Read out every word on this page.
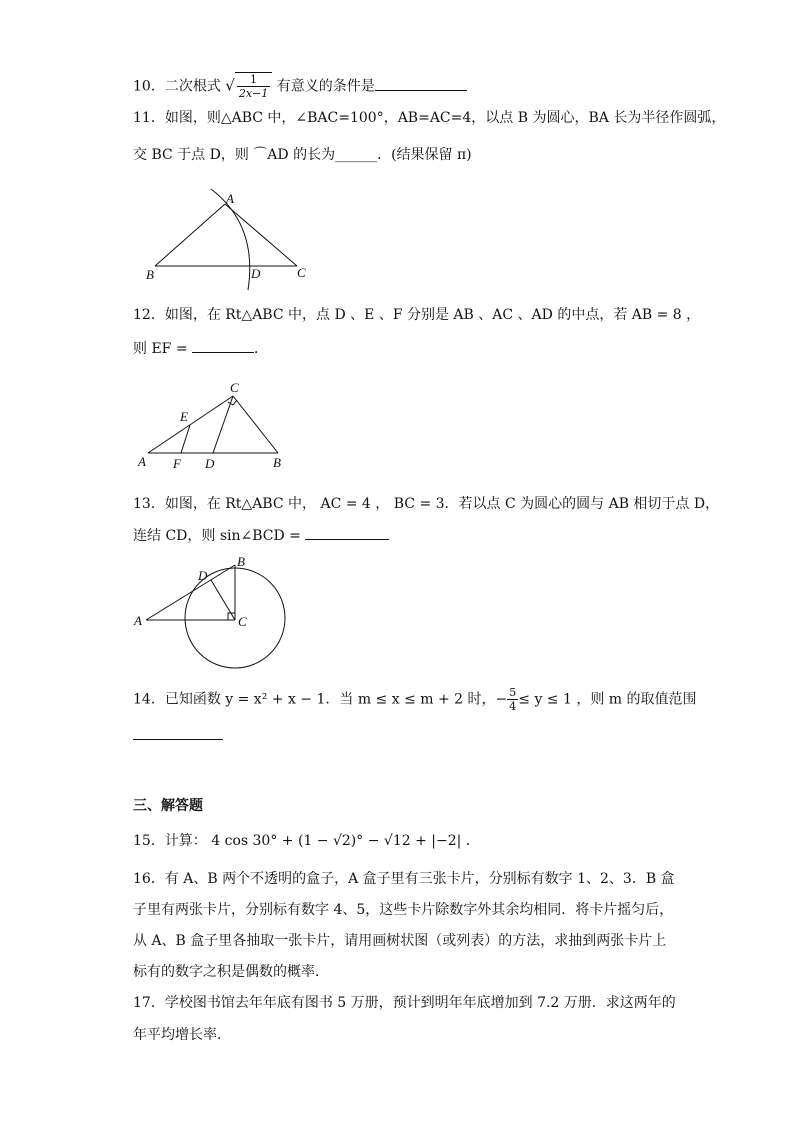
10．二次根式 √ $\frac{1}{2x-1}$ 有意义的条件是
11．如图，则△ABC 中，∠BAC=100°，AB=AC=4，以点 B 为圆心，BA 长为半径作圆弧，
交 BC 于点 D，则 ⌒AD 的长为______．(结果保留 π)
A
B	D	C
12．如图，在 Rt△ABC 中，点 D 、E 、F 分别是 AB 、AC 、AD 的中点，若 AB = 8 ，
则 EF =	．
C
E
A F D	B
13．如图，在 Rt△ABC 中， AC = 4 ， BC = 3．若以点 C 为圆心的圆与 AB 相切于点 D，
连结 CD，则 sin∠BCD =
B
D
A	C
14．已知函数 y = x² + x − 1．当 m ≤ x ≤ m + 2 时，− $\frac{5}{4} \le y \le 1$ ，则 m 的取值范围
三、解答题
15．计算： 4 cos 30° + (1 − √2)° − √12 + |−2| ．
16．有 A、B 两个不透明的盒子，A 盒子里有三张卡片，分别标有数字 1、2、3．B 盒
子里有两张卡片，分别标有数字 4、5，这些卡片除数字外其余均相同．将卡片摇匀后，
从 A、B 盒子里各抽取一张卡片，请用画树状图（或列表）的方法，求抽到两张卡片上
标有的数字之积是偶数的概率．
17．学校图书馆去年年底有图书 5 万册，预计到明年年底增加到 7.2 万册．求这两年的
年平均增长率．
